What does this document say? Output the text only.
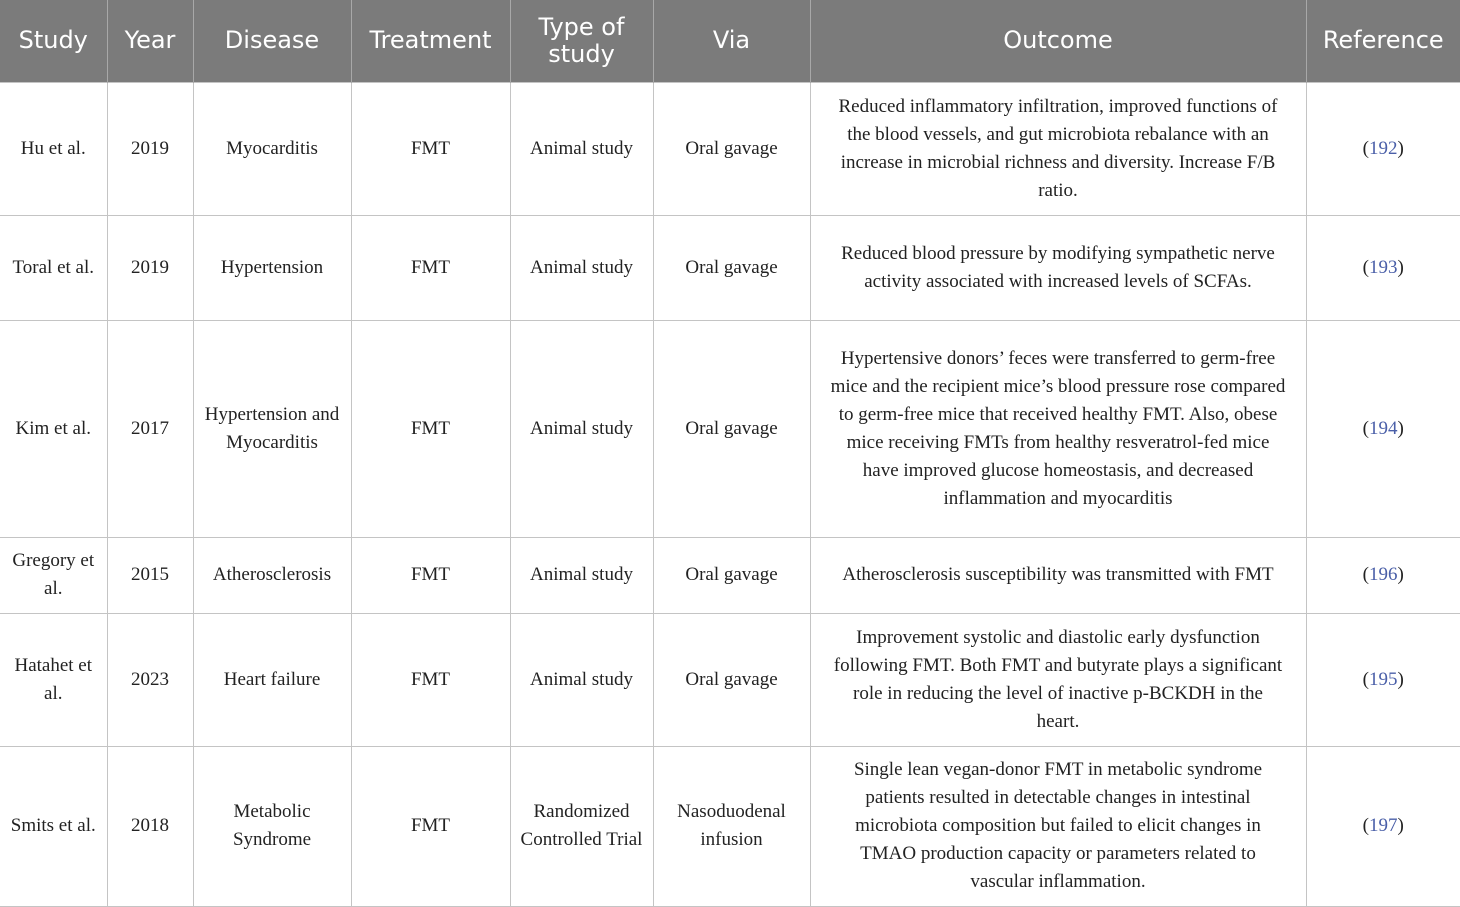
Study	Year	Disease	Treatment	Type of study	Via	Outcome	Reference
Hu et al.	2019	Myocarditis	FMT	Animal study	Oral gavage	Reduced inflammatory infiltration, improved functions of the blood vessels, and gut microbiota rebalance with an increase in microbial richness and diversity. Increase F/B ratio.	(192)
Toral et al.	2019	Hypertension	FMT	Animal study	Oral gavage	Reduced blood pressure by modifying sympathetic nerve activity associated with increased levels of SCFAs.	(193)
Kim et al.	2017	Hypertension and Myocarditis	FMT	Animal study	Oral gavage	Hypertensive donors’ feces were transferred to germ-free mice and the recipient mice’s blood pressure rose compared to germ-free mice that received healthy FMT. Also, obese mice receiving FMTs from healthy resveratrol-fed mice have improved glucose homeostasis, and decreased inflammation and myocarditis	(194)
Gregory et al.	2015	Atherosclerosis	FMT	Animal study	Oral gavage	Atherosclerosis susceptibility was transmitted with FMT	(196)
Hatahet et al.	2023	Heart failure	FMT	Animal study	Oral gavage	Improvement systolic and diastolic early dysfunction following FMT. Both FMT and butyrate plays a significant role in reducing the level of inactive p-BCKDH in the heart.	(195)
Smits et al.	2018	Metabolic Syndrome	FMT	Randomized Controlled Trial	Nasoduodenal infusion	Single lean vegan-donor FMT in metabolic syndrome patients resulted in detectable changes in intestinal microbiota composition but failed to elicit changes in TMAO production capacity or parameters related to vascular inflammation.	(197)
